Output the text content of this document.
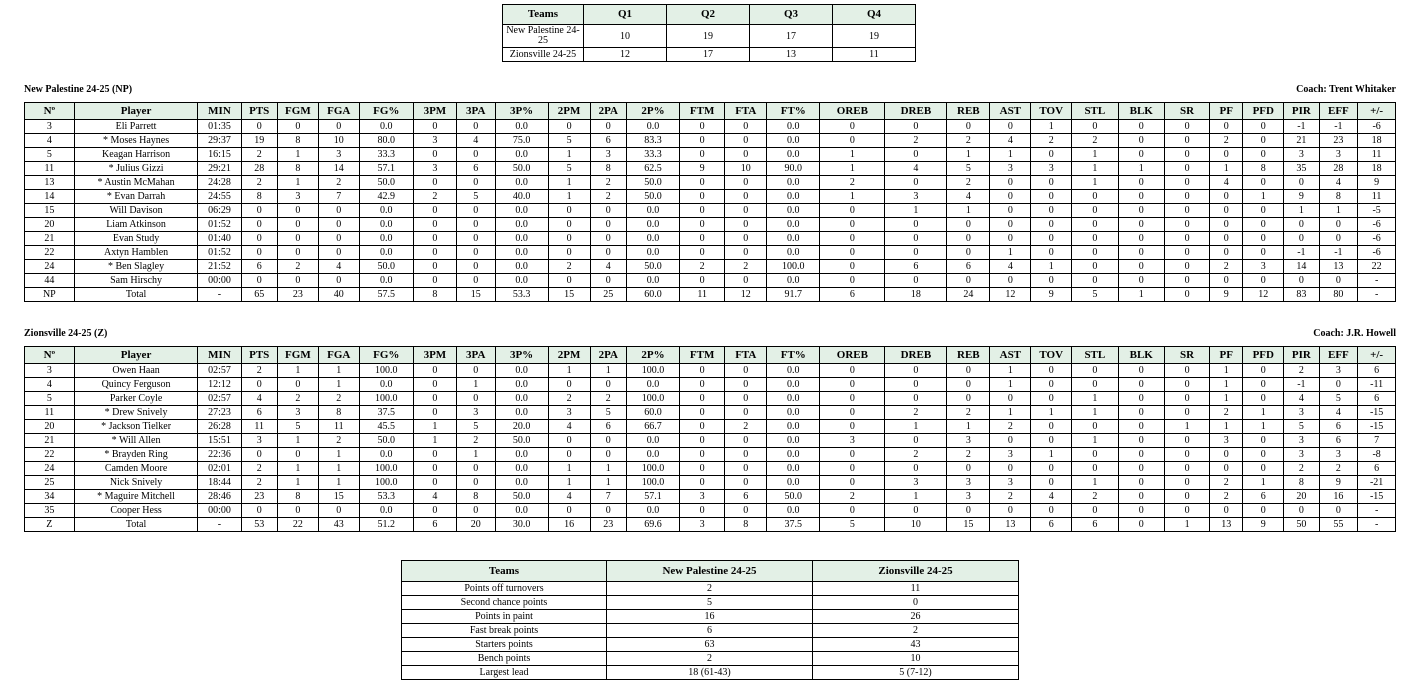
Teams	Q1	Q2	Q3	Q4
New Palestine 24-25	10	19	17	19
Zionsville 24-25	12	17	13	11
New Palestine 24-25 (NP)	Coach: Trent Whitaker
Nº	Player	MIN	PTS	FGM	FGA	FG%	3PM	3PA	3P%	2PM	2PA	2P%	FTM	FTA	FT%	OREB	DREB	REB	AST	TOV	STL	BLK	SR	PF	PFD	PIR	EFF	+/-
3	Eli Parrett	01:35	0	0	0	0.0	0	0	0.0	0	0	0.0	0	0	0.0	0	0	0	0	1	0	0	0	0	0	-1	-1	-6
4	* Moses Haynes	29:37	19	8	10	80.0	3	4	75.0	5	6	83.3	0	0	0.0	0	2	2	4	2	2	0	0	2	0	21	23	18
5	Keagan Harrison	16:15	2	1	3	33.3	0	0	0.0	1	3	33.3	0	0	0.0	1	0	1	1	0	1	0	0	0	0	3	3	11
11	* Julius Gizzi	29:21	28	8	14	57.1	3	6	50.0	5	8	62.5	9	10	90.0	1	4	5	3	3	1	1	0	1	8	35	28	18
13	* Austin McMahan	24:28	2	1	2	50.0	0	0	0.0	1	2	50.0	0	0	0.0	2	0	2	0	0	1	0	0	4	0	0	4	9
14	* Evan Darrah	24:55	8	3	7	42.9	2	5	40.0	1	2	50.0	0	0	0.0	1	3	4	0	0	0	0	0	0	1	9	8	11
15	Will Davison	06:29	0	0	0	0.0	0	0	0.0	0	0	0.0	0	0	0.0	0	1	1	0	0	0	0	0	0	0	1	1	-5
20	Liam Atkinson	01:52	0	0	0	0.0	0	0	0.0	0	0	0.0	0	0	0.0	0	0	0	0	0	0	0	0	0	0	0	0	-6
21	Evan Study	01:40	0	0	0	0.0	0	0	0.0	0	0	0.0	0	0	0.0	0	0	0	0	0	0	0	0	0	0	0	0	-6
22	Axtyn Hamblen	01:52	0	0	0	0.0	0	0	0.0	0	0	0.0	0	0	0.0	0	0	0	1	0	0	0	0	0	0	-1	-1	-6
24	* Ben Slagley	21:52	6	2	4	50.0	0	0	0.0	2	4	50.0	2	2	100.0	0	6	6	4	1	0	0	0	2	3	14	13	22
44	Sam Hirschy	00:00	0	0	0	0.0	0	0	0.0	0	0	0.0	0	0	0.0	0	0	0	0	0	0	0	0	0	0	0	0	-
NP	Total	-	65	23	40	57.5	8	15	53.3	15	25	60.0	11	12	91.7	6	18	24	12	9	5	1	0	9	12	83	80	-
Zionsville 24-25 (Z)	Coach: J.R. Howell
Nº	Player	MIN	PTS	FGM	FGA	FG%	3PM	3PA	3P%	2PM	2PA	2P%	FTM	FTA	FT%	OREB	DREB	REB	AST	TOV	STL	BLK	SR	PF	PFD	PIR	EFF	+/-
3	Owen Haan	02:57	2	1	1	100.0	0	0	0.0	1	1	100.0	0	0	0.0	0	0	0	1	0	0	0	0	1	0	2	3	6
4	Quincy Ferguson	12:12	0	0	1	0.0	0	1	0.0	0	0	0.0	0	0	0.0	0	0	0	1	0	0	0	0	1	0	-1	0	-11
5	Parker Coyle	02:57	4	2	2	100.0	0	0	0.0	2	2	100.0	0	0	0.0	0	0	0	0	0	1	0	0	1	0	4	5	6
11	* Drew Snively	27:23	6	3	8	37.5	0	3	0.0	3	5	60.0	0	0	0.0	0	2	2	1	1	1	0	0	2	1	3	4	-15
20	* Jackson Tielker	26:28	11	5	11	45.5	1	5	20.0	4	6	66.7	0	2	0.0	0	1	1	2	0	0	0	1	1	1	5	6	-15
21	* Will Allen	15:51	3	1	2	50.0	1	2	50.0	0	0	0.0	0	0	0.0	3	0	3	0	0	1	0	0	3	0	3	6	7
22	* Brayden Ring	22:36	0	0	1	0.0	0	1	0.0	0	0	0.0	0	0	0.0	0	2	2	3	1	0	0	0	0	0	3	3	-8
24	Camden Moore	02:01	2	1	1	100.0	0	0	0.0	1	1	100.0	0	0	0.0	0	0	0	0	0	0	0	0	0	0	2	2	6
25	Nick Snively	18:44	2	1	1	100.0	0	0	0.0	1	1	100.0	0	0	0.0	0	3	3	3	0	1	0	0	2	1	8	9	-21
34	* Maguire Mitchell	28:46	23	8	15	53.3	4	8	50.0	4	7	57.1	3	6	50.0	2	1	3	2	4	2	0	0	2	6	20	16	-15
35	Cooper Hess	00:00	0	0	0	0.0	0	0	0.0	0	0	0.0	0	0	0.0	0	0	0	0	0	0	0	0	0	0	0	0	-
Z	Total	-	53	22	43	51.2	6	20	30.0	16	23	69.6	3	8	37.5	5	10	15	13	6	6	0	1	13	9	50	55	-
Teams	New Palestine 24-25	Zionsville 24-25
Points off turnovers	2	11
Second chance points	5	0
Points in paint	16	26
Fast break points	6	2
Starters points	63	43
Bench points	2	10
Largest lead	18 (61-43)	5 (7-12)
